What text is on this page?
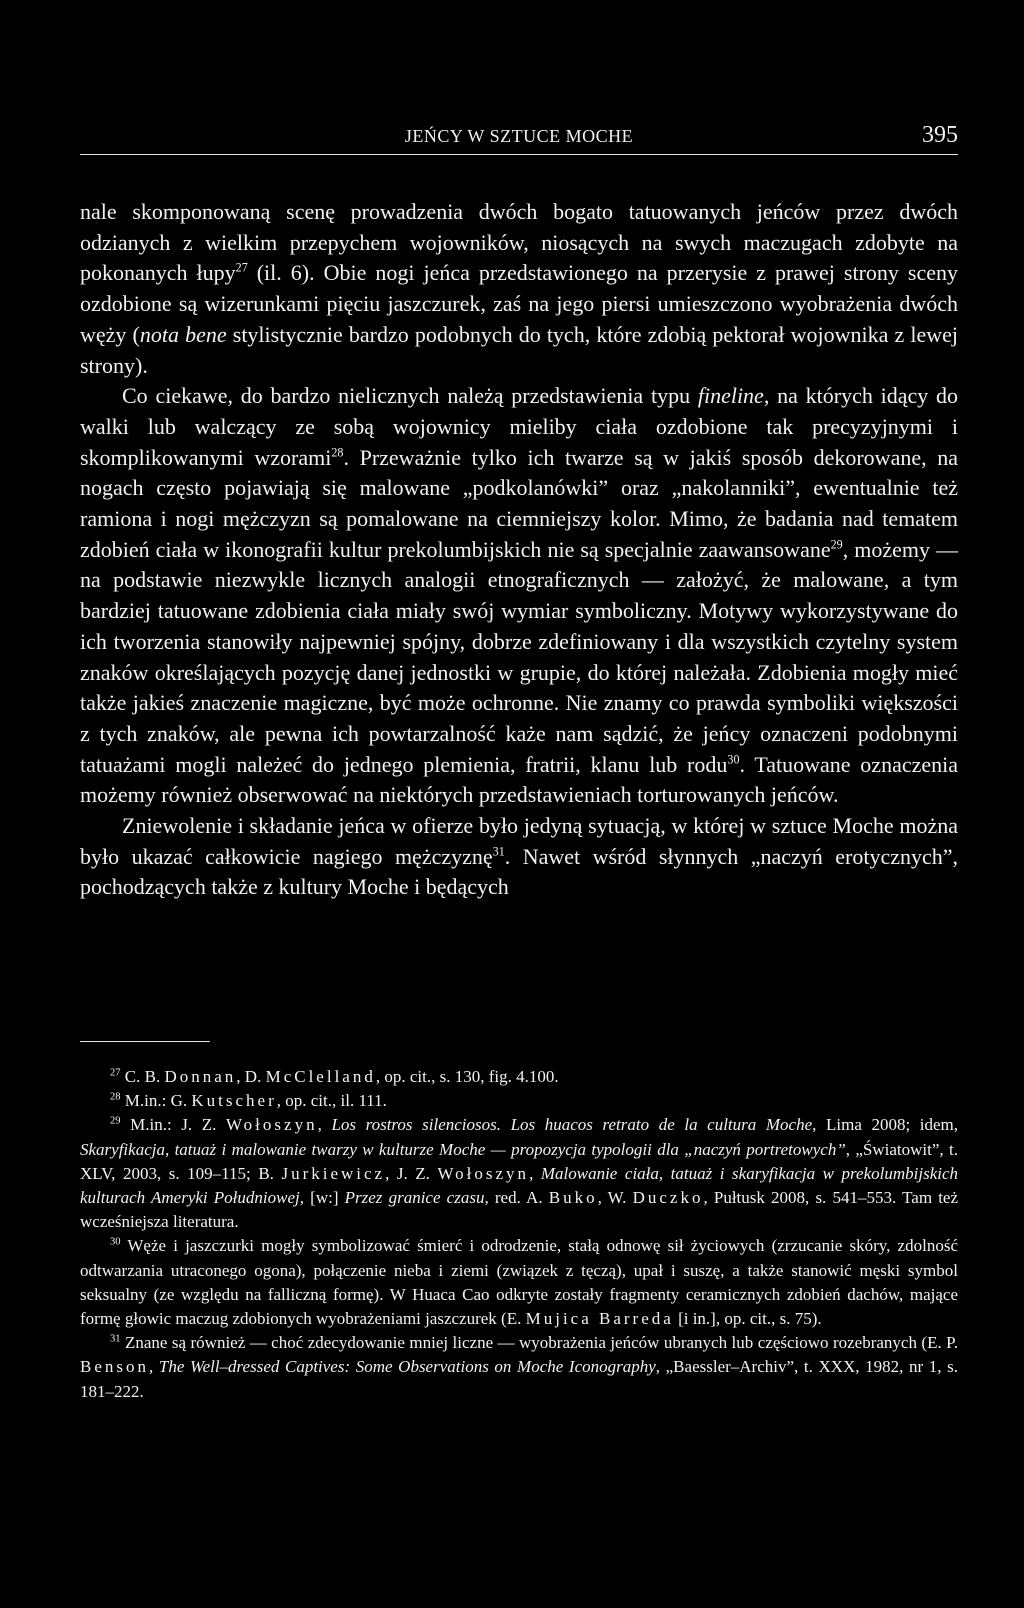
JEŃCY W SZTUCE MOCHE	395

nale skomponowaną scenę prowadzenia dwóch bogato tatuowanych jeńców przez dwóch odzianych z wielkim przepychem wojowników, niosących na swych maczugach zdobyte na pokonanych łupy$^{27}$ (il. 6). Obie nogi jeńca przedstawionego na przerysie z prawej strony sceny ozdobione są wizerunkami pięciu jaszczurek, zaś na jego piersi umieszczono wyobrażenia dwóch węży (nota bene stylistycznie bardzo podobnych do tych, które zdobią pektorał wojownika z lewej strony).

Co ciekawe, do bardzo nielicznych należą przedstawienia typu fineline, na których idący do walki lub walczący ze sobą wojownicy mieliby ciała ozdobione tak precyzyjnymi i skomplikowanymi wzorami$^{28}$. Przeważnie tylko ich twarze są w jakiś sposób dekorowane, na nogach często pojawiają się malowane „podkolanówki” oraz „nakolanniki”, ewentualnie też ramiona i nogi mężczyzn są pomalowane na ciemniejszy kolor. Mimo, że badania nad tematem zdobień ciała w ikonografii kultur prekolumbijskich nie są specjalnie zaawansowane$^{29}$, możemy — na podstawie niezwykle licznych analogii etnograficznych — założyć, że malowane, a tym bardziej tatuowane zdobienia ciała miały swój wymiar symboliczny. Motywy wykorzystywane do ich tworzenia stanowiły najpewniej spójny, dobrze zdefiniowany i dla wszystkich czytelny system znaków określających pozycję danej jednostki w grupie, do której należała. Zdobienia mogły mieć także jakieś znaczenie magiczne, być może ochronne. Nie znamy co prawda symboliki większości z tych znaków, ale pewna ich powtarzalność każe nam sądzić, że jeńcy oznaczeni podobnymi tatuażami mogli należeć do jednego plemienia, fratrii, klanu lub rodu$^{30}$. Tatuowane oznaczenia możemy również obserwować na niektórych przedstawieniach torturowanych jeńców.

Zniewolenie i składanie jeńca w ofierze było jedyną sytuacją, w której w sztuce Moche można było ukazać całkowicie nagiego mężczyznę$^{31}$. Nawet wśród słynnych „naczyń erotycznych”, pochodzących także z kultury Moche i będących

$^{27}$ C. B. Donnan, D. McClelland, op. cit., s. 130, fig. 4.100.

$^{28}$ M.in.: G. Kutscher, op. cit., il. 111.

$^{29}$ M.in.: J. Z. Wołoszyn, Los rostros silenciosos. Los huacos retrato de la cultura Moche, Lima 2008; idem, Skaryfikacja, tatuaż i malowanie twarzy w kulturze Moche — propozycja typologii dla „naczyń portretowych”, „Światowit”, t. XLV, 2003, s. 109–115; B. Jurkiewicz, J. Z. Wołoszyn, Malowanie ciała, tatuaż i skaryfikacja w prekolumbijskich kulturach Ameryki Południowej, [w:] Przez granice czasu, red. A. Buko, W. Duczko, Pułtusk 2008, s. 541–553. Tam też wcześniejsza literatura.

$^{30}$ Węże i jaszczurki mogły symbolizować śmierć i odrodzenie, stałą odnowę sił życiowych (zrzucanie skóry, zdolność odtwarzania utraconego ogona), połączenie nieba i ziemi (związek z tęczą), upał i suszę, a także stanowić męski symbol seksualny (ze względu na falliczną formę). W Huaca Cao odkryte zostały fragmenty ceramicznych zdobień dachów, mające formę głowic maczug zdobionych wyobrażeniami jaszczurek (E. Mujica Barreda [i in.], op. cit., s. 75).

$^{31}$ Znane są również — choć zdecydowanie mniej liczne — wyobrażenia jeńców ubranych lub częściowo rozebranych (E. P. Benson, The Well–dressed Captives: Some Observations on Moche Iconography, „Baessler–Archiv”, t. XXX, 1982, nr 1, s. 181–222.
